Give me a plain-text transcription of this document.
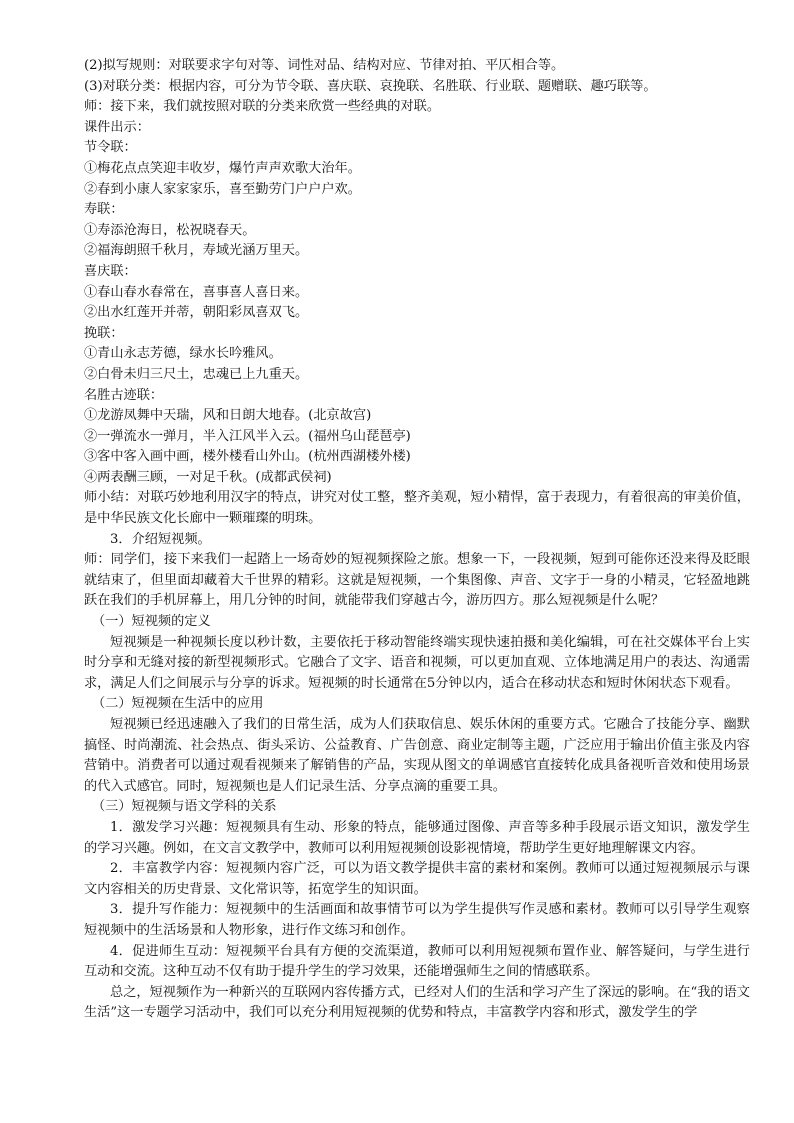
(2)拟写规则：对联要求字句对等、词性对品、结构对应、节律对拍、平仄相合等。

(3)对联分类：根据内容，可分为节令联、喜庆联、哀挽联、名胜联、行业联、题赠联、趣巧联等。

师：接下来，我们就按照对联的分类来欣赏一些经典的对联。

课件出示：

节令联：

①梅花点点笑迎丰收岁，爆竹声声欢歌大治年。

②春到小康人家家家乐，喜至勤劳门户户户欢。

寿联：

①寿添沧海日，松祝晓春天。

②福海朗照千秋月，寿域光涵万里天。

喜庆联：

①春山春水春常在，喜事喜人喜日来。

②出水红莲开并蒂，朝阳彩凤喜双飞。

挽联：

①青山永志芳德，绿水长吟雅风。

②白骨未归三尺土，忠魂已上九重天。

名胜古迹联：

①龙游凤舞中天瑞，风和日朗大地春。(北京故宫)

②一弹流水一弹月，半入江风半入云。(福州乌山琵琶亭)

③客中客入画中画，楼外楼看山外山。(杭州西湖楼外楼)

④两表酬三顾，一对足千秋。(成都武侯祠)

师小结：对联巧妙地利用汉字的特点，讲究对仗工整，整齐美观，短小精悍，富于表现力，有着很高的审美价值，是中华民族文化长廊中一颗璀璨的明珠。

3．介绍短视频。

师：同学们，接下来我们一起踏上一场奇妙的短视频探险之旅。想象一下，一段视频，短到可能你还没来得及眨眼就结束了，但里面却藏着大千世界的精彩。这就是短视频，一个集图像、声音、文字于一身的小精灵，它轻盈地跳跃在我们的手机屏幕上，用几分钟的时间，就能带我们穿越古今，游历四方。那么短视频是什么呢？

（一）短视频的定义

短视频是一种视频长度以秒计数，主要依托于移动智能终端实现快速拍摄和美化编辑，可在社交媒体平台上实时分享和无缝对接的新型视频形式。它融合了文字、语音和视频，可以更加直观、立体地满足用户的表达、沟通需求，满足人们之间展示与分享的诉求。短视频的时长通常在5分钟以内，适合在移动状态和短时休闲状态下观看。

（二）短视频在生活中的应用

短视频已经迅速融入了我们的日常生活，成为人们获取信息、娱乐休闲的重要方式。它融合了技能分享、幽默搞怪、时尚潮流、社会热点、街头采访、公益教育、广告创意、商业定制等主题，广泛应用于输出价值主张及内容营销中。消费者可以通过观看视频来了解销售的产品，实现从图文的单调感官直接转化成具备视听音效和使用场景的代入式感官。同时，短视频也是人们记录生活、分享点滴的重要工具。

（三）短视频与语文学科的关系

1．激发学习兴趣：短视频具有生动、形象的特点，能够通过图像、声音等多种手段展示语文知识，激发学生的学习兴趣。例如，在文言文教学中，教师可以利用短视频创设影视情境，帮助学生更好地理解课文内容。

2．丰富教学内容：短视频内容广泛，可以为语文教学提供丰富的素材和案例。教师可以通过短视频展示与课文内容相关的历史背景、文化常识等，拓宽学生的知识面。

3．提升写作能力：短视频中的生活画面和故事情节可以为学生提供写作灵感和素材。教师可以引导学生观察短视频中的生活场景和人物形象，进行作文练习和创作。

4．促进师生互动：短视频平台具有方便的交流渠道，教师可以利用短视频布置作业、解答疑问，与学生进行互动和交流。这种互动不仅有助于提升学生的学习效果，还能增强师生之间的情感联系。

总之，短视频作为一种新兴的互联网内容传播方式，已经对人们的生活和学习产生了深远的影响。在“我的语文生活”这一专题学习活动中，我们可以充分利用短视频的优势和特点，丰富教学内容和形式，激发学生的学
